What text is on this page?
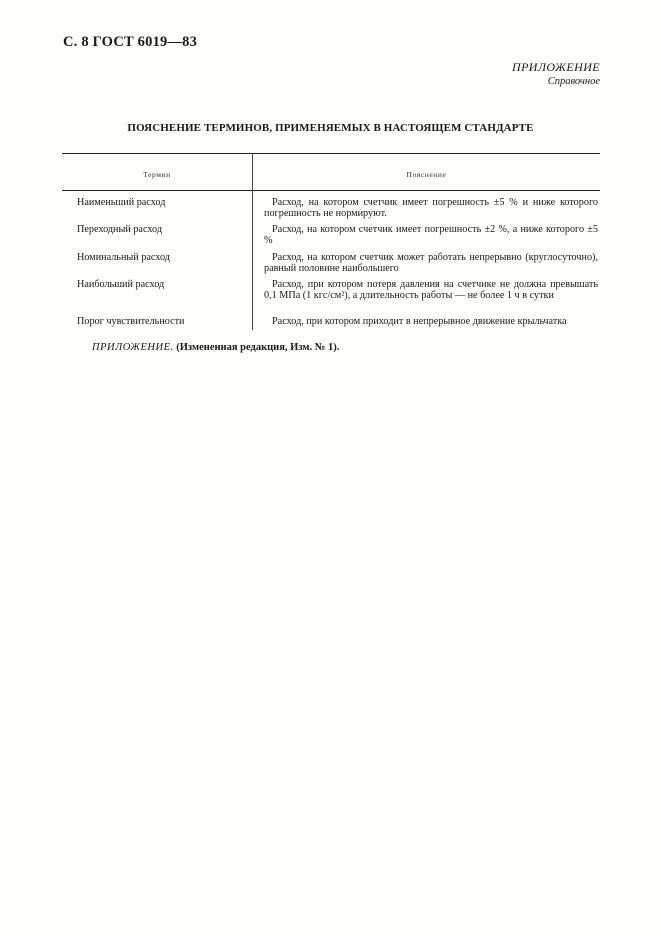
С. 8 ГОСТ 6019—83
ПРИЛОЖЕНИЕ
Справочное
ПОЯСНЕНИЕ ТЕРМИНОВ, ПРИМЕНЯЕМЫХ В НАСТОЯЩЕМ СТАНДАРТЕ
Термин	Пояснение
Наименьший расход	Расход, на котором счетчик имеет погрешность ±5 % и ниже которого погрешность не нормируют.
Переходный расход	Расход, на котором счетчик имеет погрешность ±2 %, а ниже которого ±5 %
Номинальный расход	Расход, на котором счетчик может работать непрерывно (круглосуточно), равный половине наибольшего
Наибольший расход	Расход, при котором потеря давления на счетчике не должна превышать 0,1 МПа (1 кгс/см²), а длительность работы — не более 1 ч в сутки
Порог чувствительности	Расход, при котором приходит в непрерывное движение крыльчатка
ПРИЛОЖЕНИЕ. (Измененная редакция, Изм. № 1).
